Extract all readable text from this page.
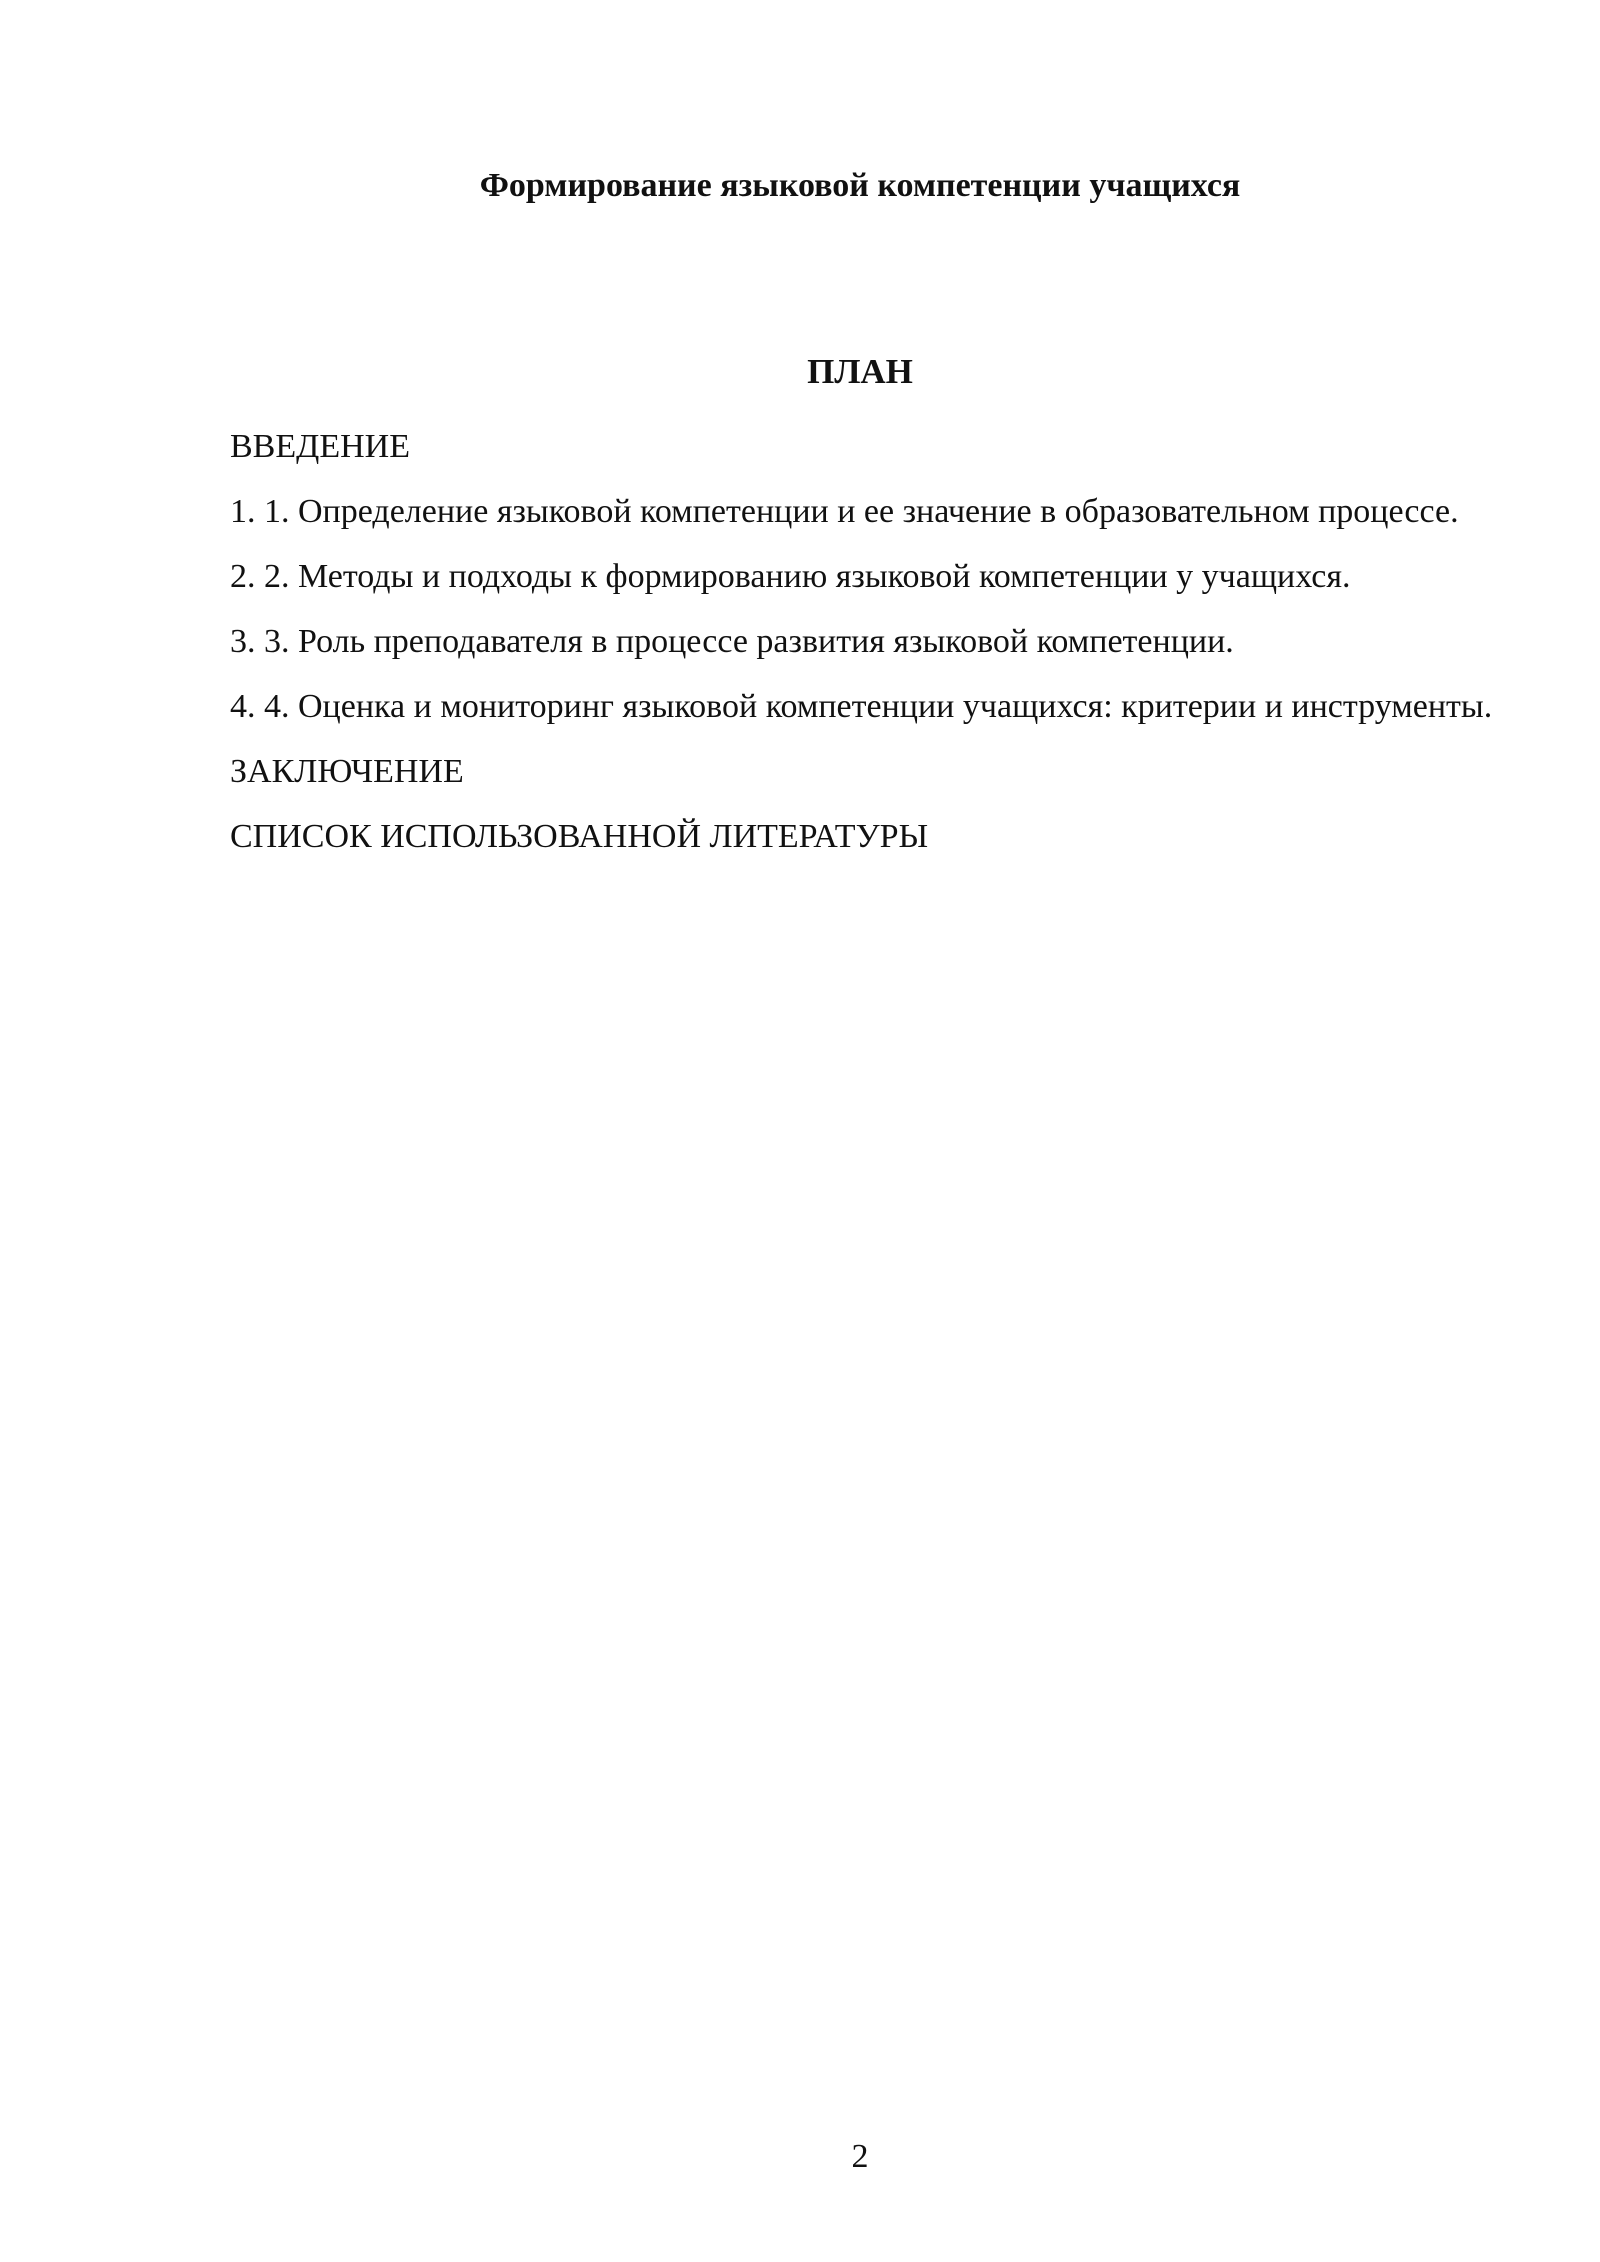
Формирование языковой компетенции учащихся
ПЛАН
ВВЕДЕНИЕ
1. 1. Определение языковой компетенции и ее значение в образовательном процессе.
2. 2. Методы и подходы к формированию языковой компетенции у учащихся.
3. 3. Роль преподавателя в процессе развития языковой компетенции.
4. 4. Оценка и мониторинг языковой компетенции учащихся: критерии и инструменты.
ЗАКЛЮЧЕНИЕ
СПИСОК ИСПОЛЬЗОВАННОЙ ЛИТЕРАТУРЫ
2
